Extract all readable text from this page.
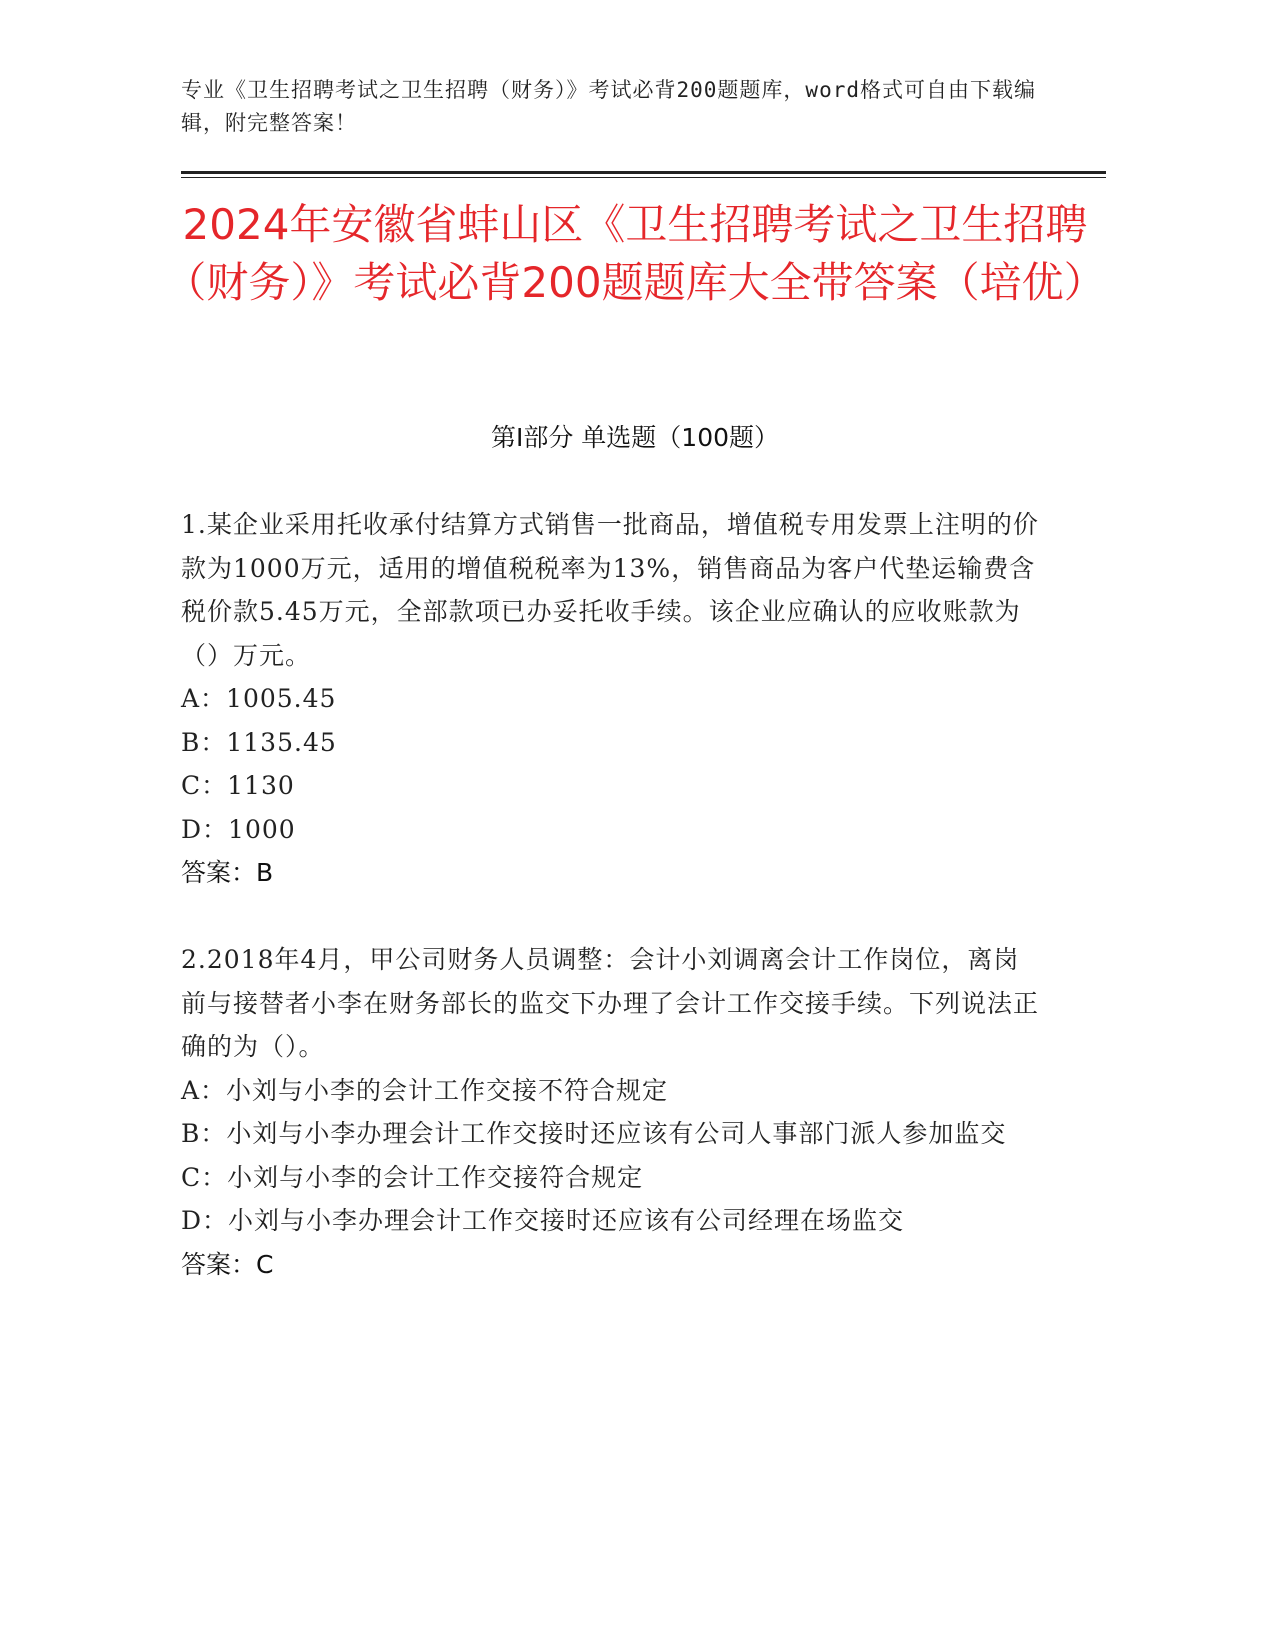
专业《卫生招聘考试之卫生招聘（财务）》考试必背200题题库，word格式可自由下载编辑，附完整答案！
2024年安徽省蚌山区《卫生招聘考试之卫生招聘（财务）》考试必背200题题库大全带答案（培优）
第I部分 单选题（100题）

1.某企业采用托收承付结算方式销售一批商品，增值税专用发票上注明的价款为1000万元，适用的增值税税率为13%，销售商品为客户代垫运输费含税价款5.45万元，全部款项已办妥托收手续。该企业应确认的应收账款为（）万元。

A：1005.45

B：1135.45

C：1130

D：1000

答案：B

2.2018年4月，甲公司财务人员调整：会计小刘调离会计工作岗位，离岗前与接替者小李在财务部长的监交下办理了会计工作交接手续。下列说法正确的为（）。

A：小刘与小李的会计工作交接不符合规定

B：小刘与小李办理会计工作交接时还应该有公司人事部门派人参加监交

C：小刘与小李的会计工作交接符合规定

D：小刘与小李办理会计工作交接时还应该有公司经理在场监交

答案：C
